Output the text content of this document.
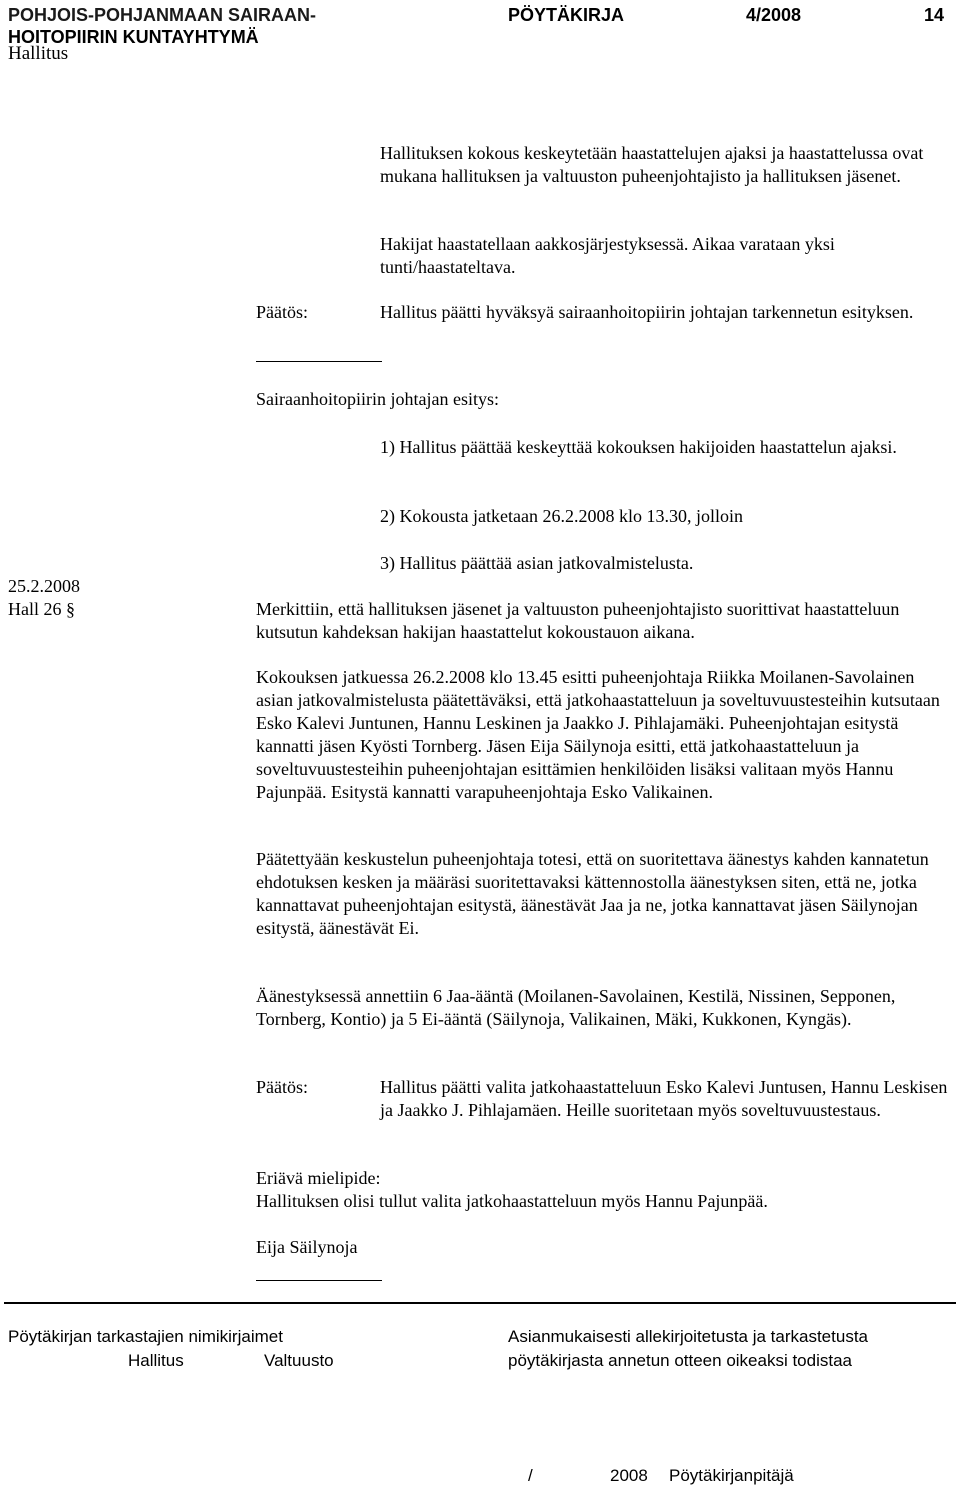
POHJOIS-POHJANMAAN SAIRAAN-
HOITOPIIRIN KUNTAYHTYMÄ
PÖYTÄKIRJA	4/2008	14
Hallitus
Hallituksen kokous keskeytetään haastattelujen ajaksi ja haastattelussa ovat mukana hallituksen ja valtuuston puheenjohtajisto ja hallituksen jäsenet.
Hakijat haastatellaan aakkosjärjestyksessä. Aikaa varataan yksi tunti/haastateltava.
Päätös:	Hallitus päätti hyväksyä sairaanhoitopiirin johtajan tarkennetun esityksen.
Sairaanhoitopiirin johtajan esitys:
1) Hallitus päättää keskeyttää kokouksen hakijoiden haastattelun ajaksi.
2) Kokousta jatketaan 26.2.2008 klo 13.30, jolloin
3) Hallitus päättää asian jatkovalmistelusta.
25.2.2008
Hall 26 §	Merkittiin, että hallituksen jäsenet ja valtuuston puheenjohtajisto suorittivat haastatteluun kutsutun kahdeksan hakijan haastattelut kokoustauon aikana.
Kokouksen jatkuessa 26.2.2008 klo 13.45 esitti puheenjohtaja Riikka Moilanen-Savolainen asian jatkovalmistelusta päätettäväksi, että jatkohaastatteluun ja soveltuvuustesteihin kutsutaan Esko Kalevi Juntunen, Hannu Leskinen ja Jaakko J. Pihlajamäki. Puheenjohtajan esitystä kannatti jäsen Kyösti Tornberg. Jäsen Eija Säilynoja esitti, että jatkohaastatteluun ja soveltuvuustesteihin puheenjohtajan esittämien henkilöiden lisäksi valitaan myös Hannu Pajunpää. Esitystä kannatti varapuheenjohtaja Esko Valikainen.
Päätettyään keskustelun puheenjohtaja totesi, että on suoritettava äänestys kahden kannatetun ehdotuksen kesken ja määräsi suoritettavaksi kättennostolla äänestyksen siten, että ne, jotka kannattavat puheenjohtajan esitystä, äänestävät Jaa ja ne, jotka kannattavat jäsen Säilynojan esitystä, äänestävät Ei.
Äänestyksessä annettiin 6 Jaa-ääntä (Moilanen-Savolainen, Kestilä, Nissinen, Sepponen, Tornberg, Kontio) ja 5 Ei-ääntä (Säilynoja, Valikainen, Mäki, Kukkonen, Kyngäs).
Päätös:	Hallitus päätti valita jatkohaastatteluun Esko Kalevi Juntusen, Hannu Leskisen ja Jaakko J. Pihlajamäen. Heille suoritetaan myös soveltuvuustestaus.
Eriävä mielipide:
Hallituksen olisi tullut valita jatkohaastatteluun myös Hannu Pajunpää.
Eija Säilynoja
Pöytäkirjan tarkastajien nimikirjaimet
Hallitus	Valtuusto
Asianmukaisesti allekirjoitetusta ja tarkastetusta
pöytäkirjasta annetun otteen oikeaksi todistaa
/	2008 Pöytäkirjanpitäjä
